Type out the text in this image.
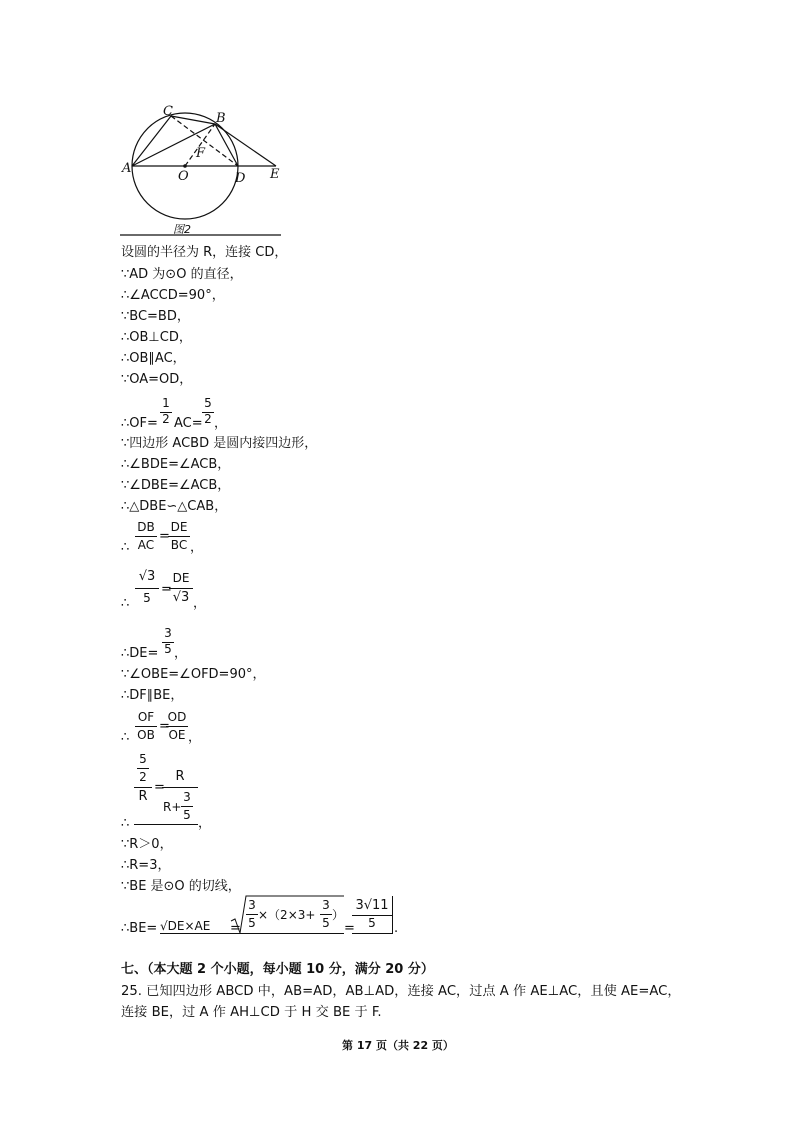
C	B
A
O
F
D E
图2
设圆的半径为 R，连接 CD，
∵AD 为⊙O 的直径，
∴∠ACCD=90°，
∵BC=BD，
∴OB⊥CD，
∴OB∥AC，
∵OA=OD，
∴OF=
1
2 AC=
5
2 ，
∵四边形 ACBD 是圆内接四边形，
∴∠BDE=∠ACB，
∵∠DBE=∠ACB，
∴△DBE∽△CAB，
∴
DB
AC
=
DE
BC ，
∴
√3
5
=
DE
√3 ，
∴DE=
3
5 ，
∵∠OBE=∠OFD=90°，
∴DF∥BE，
∴
OF
OB
=
OD
OE ，
∴
5
2
R
=
R
R+
3
5
，
∵R＞0，
∴R=3，
∵BE 是⊙O 的切线，
∴BE= √DE×AE =
3
5
×（2×3+
3
5
）
=
3√11
5	.
七、（本大题 2 个小题，每小题 10 分，满分 20 分）
25. 已知四边形 ABCD 中，AB=AD，AB⊥AD，连接 AC，过点 A 作 AE⊥AC，且使 AE=AC，
连接 BE，过 A 作 AH⊥CD 于 H 交 BE 于 F.
第 17 页（共 22 页）
